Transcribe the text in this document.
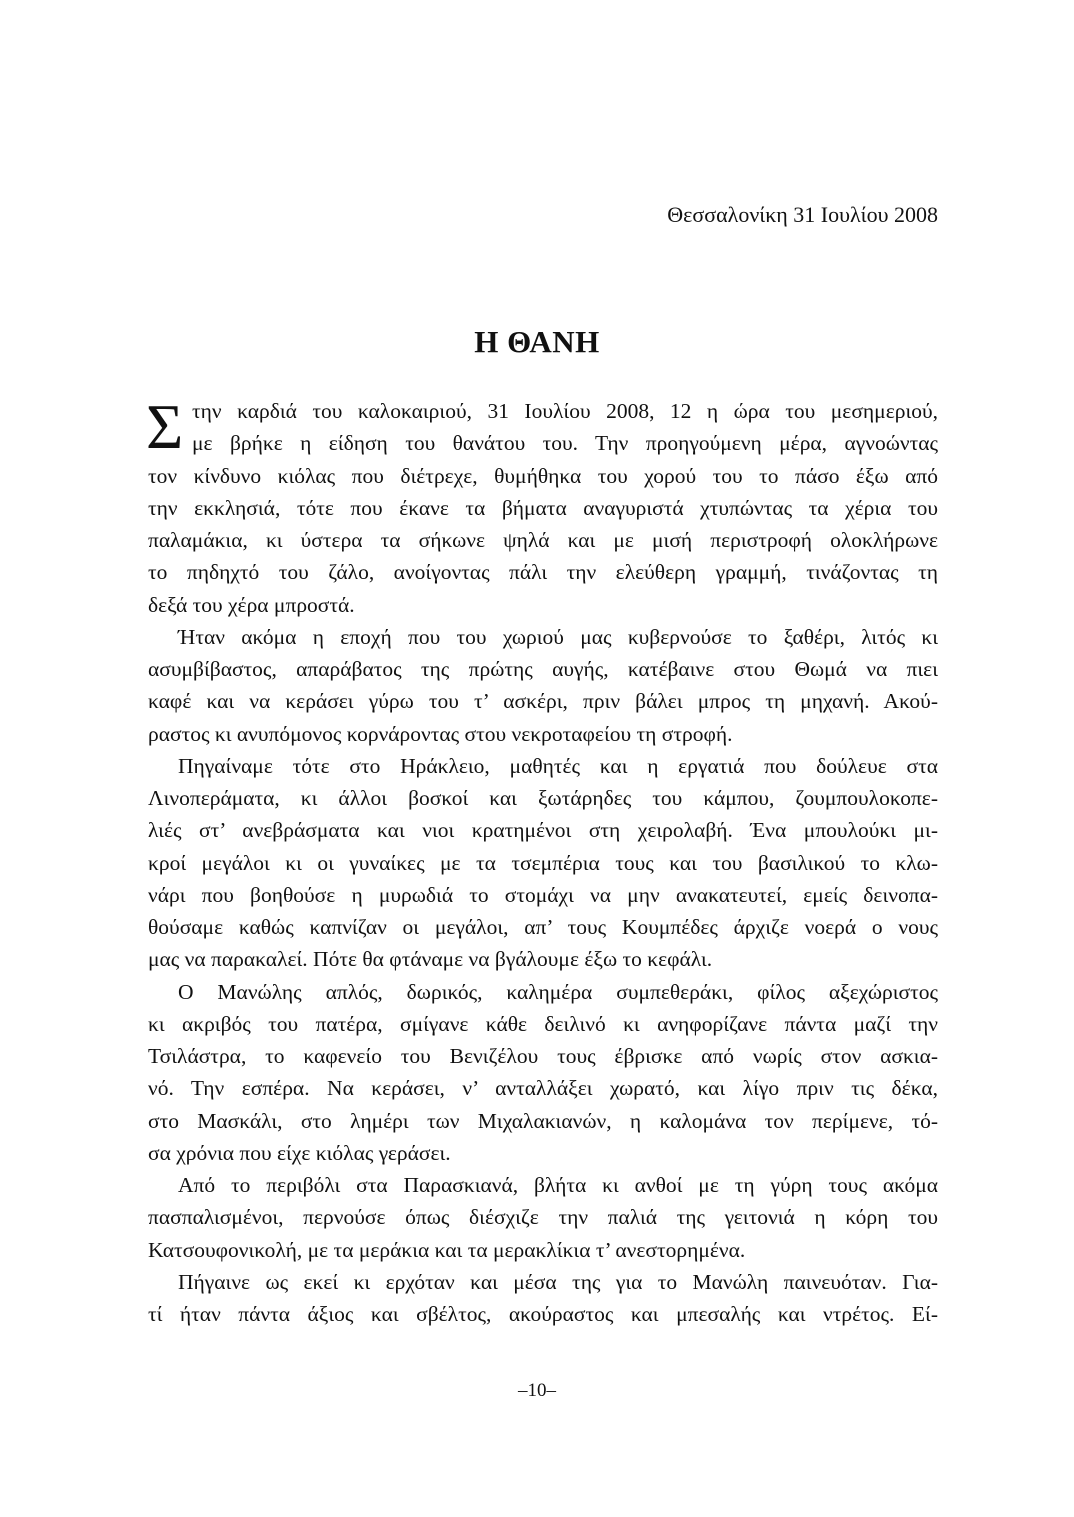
Θεσσαλονίκη 31 Ιουλίου 2008
Η ΘΑΝΗ
Σ την καρδιά του καλοκαιριού, 31 Ιουλίου 2008, 12 η ώρα του μεσημεριού,
με βρήκε η είδηση του θανάτου του. Την προηγούμενη μέρα, αγνοώντας
τον κίνδυνο κιόλας που διέτρεχε, θυμήθηκα του χορού του το πάσο έξω από
την εκκλησιά, τότε που έκανε τα βήματα αναγυριστά χτυπώντας τα χέρια του
παλαμάκια, κι ύστερα τα σήκωνε ψηλά και με μισή περιστροφή ολοκλήρωνε
το πηδηχτό του ζάλο, ανοίγοντας πάλι την ελεύθερη γραμμή, τινάζοντας τη
δεξά του χέρα μπροστά.
Ήταν ακόμα η εποχή που του χωριού μας κυβερνούσε το ξαθέρι, λιτός κι
ασυμβίβαστος, απαράβατος της πρώτης αυγής, κατέβαινε στου Θωμά να πιει
καφέ και να κεράσει γύρω του τ’ ασκέρι, πριν βάλει μπρος τη μηχανή. Ακού-
ραστος κι ανυπόμονος κορνάροντας στου νεκροταφείου τη στροφή.
Πηγαίναμε τότε στο Ηράκλειο, μαθητές και η εργατιά που δούλευε στα
Λινοπεράματα, κι άλλοι βοσκοί και ξωτάρηδες του κάμπου, ζουμπουλοκοπε-
λιές στ’ ανεβράσματα και νιοι κρατημένοι στη χειρολαβή. Ένα μπουλούκι μι-
κροί μεγάλοι κι οι γυναίκες με τα τσεμπέρια τους και του βασιλικού το κλω-
νάρι που βοηθούσε η μυρωδιά το στομάχι να μην ανακατευτεί, εμείς δεινοπα-
θούσαμε καθώς καπνίζαν οι μεγάλοι, απ’ τους Κουμπέδες άρχιζε νοερά ο νους
μας να παρακαλεί. Πότε θα φτάναμε να βγάλουμε έξω το κεφάλι.
Ο Μανώλης απλός, δωρικός, καλημέρα συμπεθεράκι, φίλος αξεχώριστος
κι ακριβός του πατέρα, σμίγανε κάθε δειλινό κι ανηφορίζανε πάντα μαζί την
Τσιλάστρα, το καφενείο του Βενιζέλου τους έβρισκε από νωρίς στον ασκια-
νό. Την εσπέρα. Να κεράσει, ν’ ανταλλάξει χωρατό, και λίγο πριν τις δέκα,
στο Μασκάλι, στο λημέρι των Μιχαλακιανών, η καλομάνα τον περίμενε, τό-
σα χρόνια που είχε κιόλας γεράσει.
Από το περιβόλι στα Παρασκιανά, βλήτα κι ανθοί με τη γύρη τους ακόμα
πασπαλισμένοι, περνούσε όπως διέσχιζε την παλιά της γειτονιά η κόρη του
Κατσουφονικολή, με τα μεράκια και τα μερακλίκια τ’ ανεστορημένα.
Πήγαινε ως εκεί κι ερχόταν και μέσα της για το Μανώλη παινευόταν. Για-
τί ήταν πάντα άξιος και σβέλτος, ακούραστος και μπεσαλής και ντρέτος. Εί-
–10–
